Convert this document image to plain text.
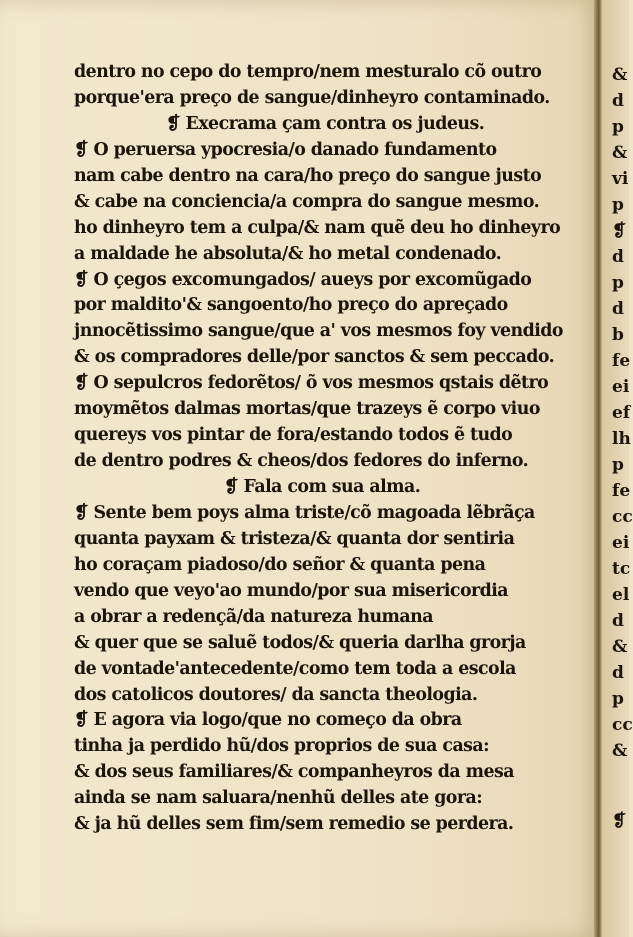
&
d
p
&
vi
p
❡
d
p
d
b
fe
ei
ef
lh
p
fe
cc
ei
tc
el
d
&
d
p
cc
&
❡
dentro no cepo do tempro/nem mesturalo cõ outro
porque'era preço de sangue/dinheyro contaminado.
❡ Execrama çam contra os judeus.
❡ O peruersa ypocresia/o danado fundamento
nam cabe dentro na cara/ho preço do sangue justo
& cabe na conciencia/a compra do sangue mesmo.
ho dinheyro tem a culpa/& nam quẽ deu ho dinheyro
a maldade he absoluta/& ho metal condenado.
❡ O çegos excomungados/ aueys por excomũgado
por maldito'& sangoento/ho preço do apreçado
jnnocẽtissimo sangue/que a' vos mesmos foy vendido
& os compradores delle/por sanctos & sem peccado.
❡ O sepulcros fedorẽtos/ õ vos mesmos qstais dẽtro
moymẽtos dalmas mortas/que trazeys ẽ corpo viuo
quereys vos pintar de fora/estando todos ẽ tudo
de dentro podres & cheos/dos fedores do inferno.
❡ Fala com sua alma.
❡ Sente bem poys alma triste/cõ magoada lẽbrãça
quanta payxam & tristeza/& quanta dor sentiria
ho coraçam piadoso/do señor & quanta pena
vendo que veyo'ao mundo/por sua misericordia
a obrar a redençã/da natureza humana
& quer que se saluẽ todos/& queria darlha grorja
de vontade'antecedente/como tem toda a escola
dos catolicos doutores/ da sancta theologia.
❡ E agora via logo/que no começo da obra
tinha ja perdido hũ/dos proprios de sua casa:
& dos seus familiares/& companheyros da mesa
ainda se nam saluara/nenhũ delles ate gora:
& ja hũ delles sem fim/sem remedio se perdera.
